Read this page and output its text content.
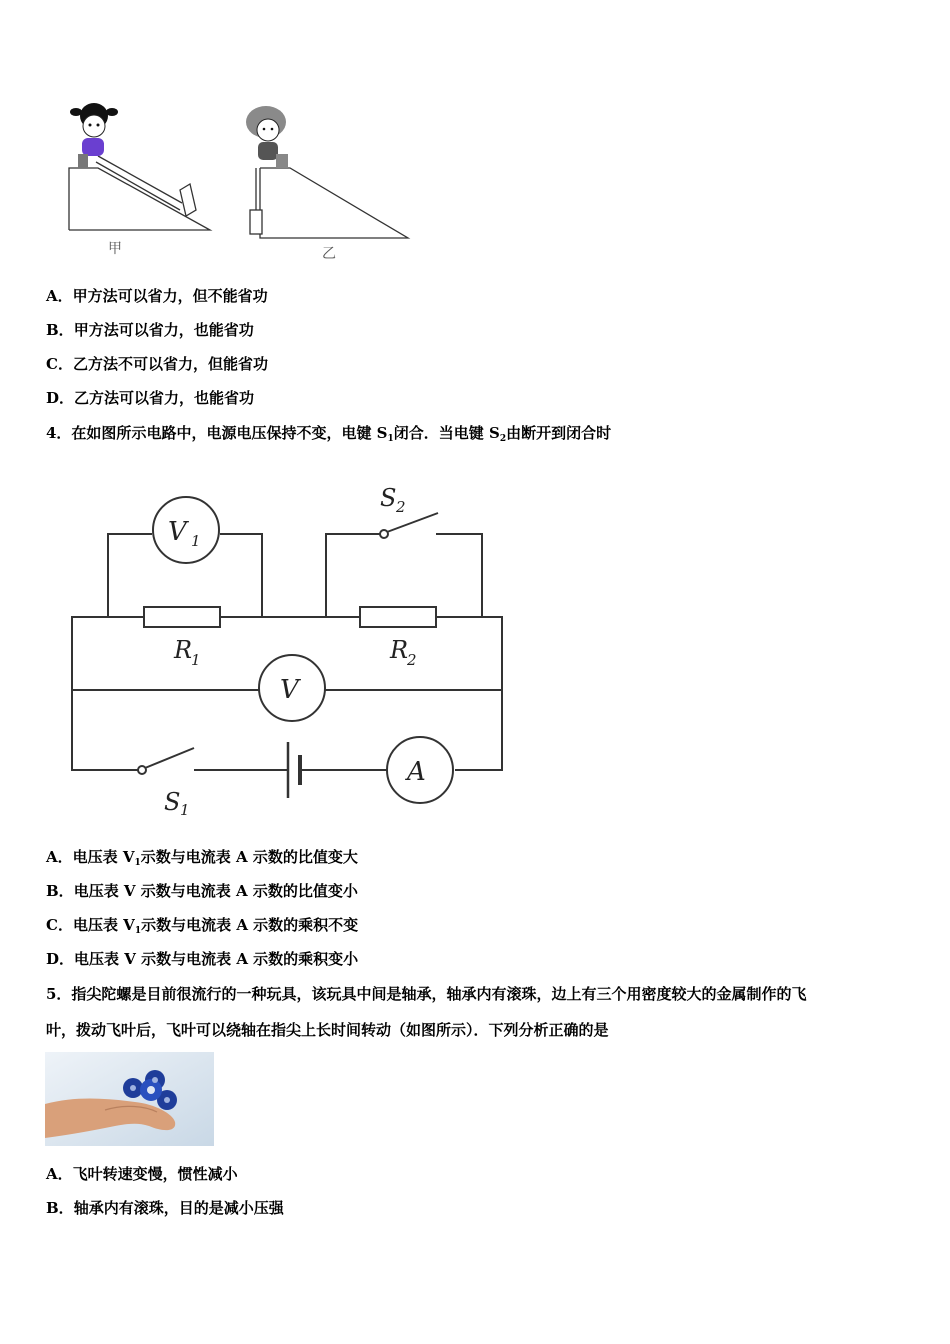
甲	乙
A．甲方法可以省力，但不能省功
B．甲方法可以省力，也能省功
C．乙方法不可以省力，但能省功
D．乙方法可以省力，也能省功
4．在如图所示电路中，电源电压保持不变，电键 $S_1$闭合．当电键 $S_2$由断开到闭合时
V 1
V
A
R
1	R
2
S 1
S 2
A．电压表 $V_1$示数与电流表 A 示数的比值变大
B．电压表 V 示数与电流表 A 示数的比值变小
C．电压表 $V_1$示数与电流表 A 示数的乘积不变
D．电压表 V 示数与电流表 A 示数的乘积变小
5．指尖陀螺是目前很流行的一种玩具，该玩具中间是轴承，轴承内有滚珠，边上有三个用密度较大的金属制作的飞
叶，拨动飞叶后，飞叶可以绕轴在指尖上长时间转动（如图所示）．下列分析正确的是
A．飞叶转速变慢，惯性减小
B．轴承内有滚珠，目的是减小压强
